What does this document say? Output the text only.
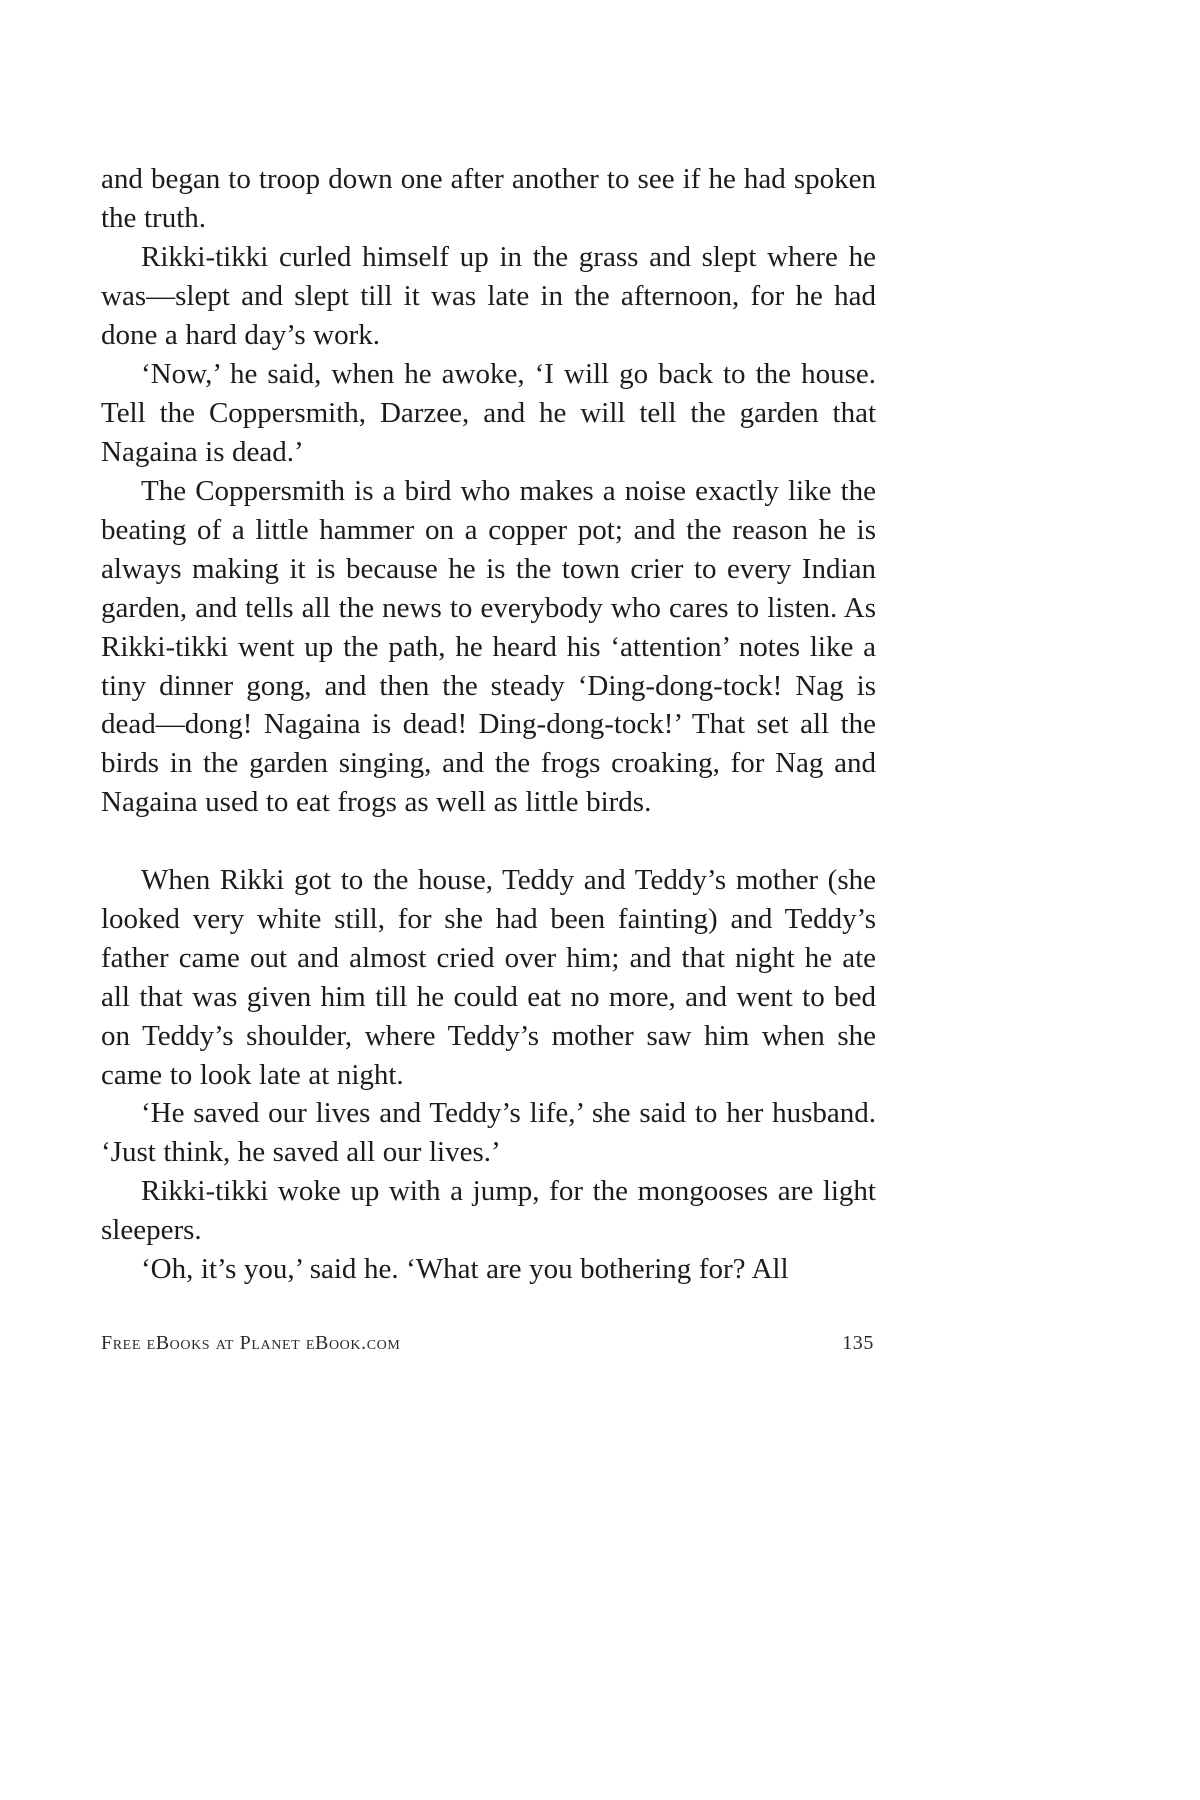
and began to troop down one after another to see if he had spoken the truth.

Rikki-tikki curled himself up in the grass and slept where he was—slept and slept till it was late in the afternoon, for he had done a hard day’s work.

‘Now,’ he said, when he awoke, ‘I will go back to the house. Tell the Coppersmith, Darzee, and he will tell the garden that Nagaina is dead.’

The Coppersmith is a bird who makes a noise exactly like the beating of a little hammer on a copper pot; and the reason he is always making it is because he is the town crier to every Indian garden, and tells all the news to everybody who cares to listen. As Rikki-tikki went up the path, he heard his ‘attention’ notes like a tiny dinner gong, and then the steady ‘Ding-dong-tock! Nag is dead—dong! Nagaina is dead! Ding-dong-tock!’ That set all the birds in the garden singing, and the frogs croaking, for Nag and Nagaina used to eat frogs as well as little birds.

When Rikki got to the house, Teddy and Teddy’s mother (she looked very white still, for she had been fainting) and Teddy’s father came out and almost cried over him; and that night he ate all that was given him till he could eat no more, and went to bed on Teddy’s shoulder, where Teddy’s mother saw him when she came to look late at night.

‘He saved our lives and Teddy’s life,’ she said to her husband. ‘Just think, he saved all our lives.’

Rikki-tikki woke up with a jump, for the mongooses are light sleepers.

‘Oh, it’s you,’ said he. ‘What are you bothering for? All

Free eBooks at Planet eBook.com	135
